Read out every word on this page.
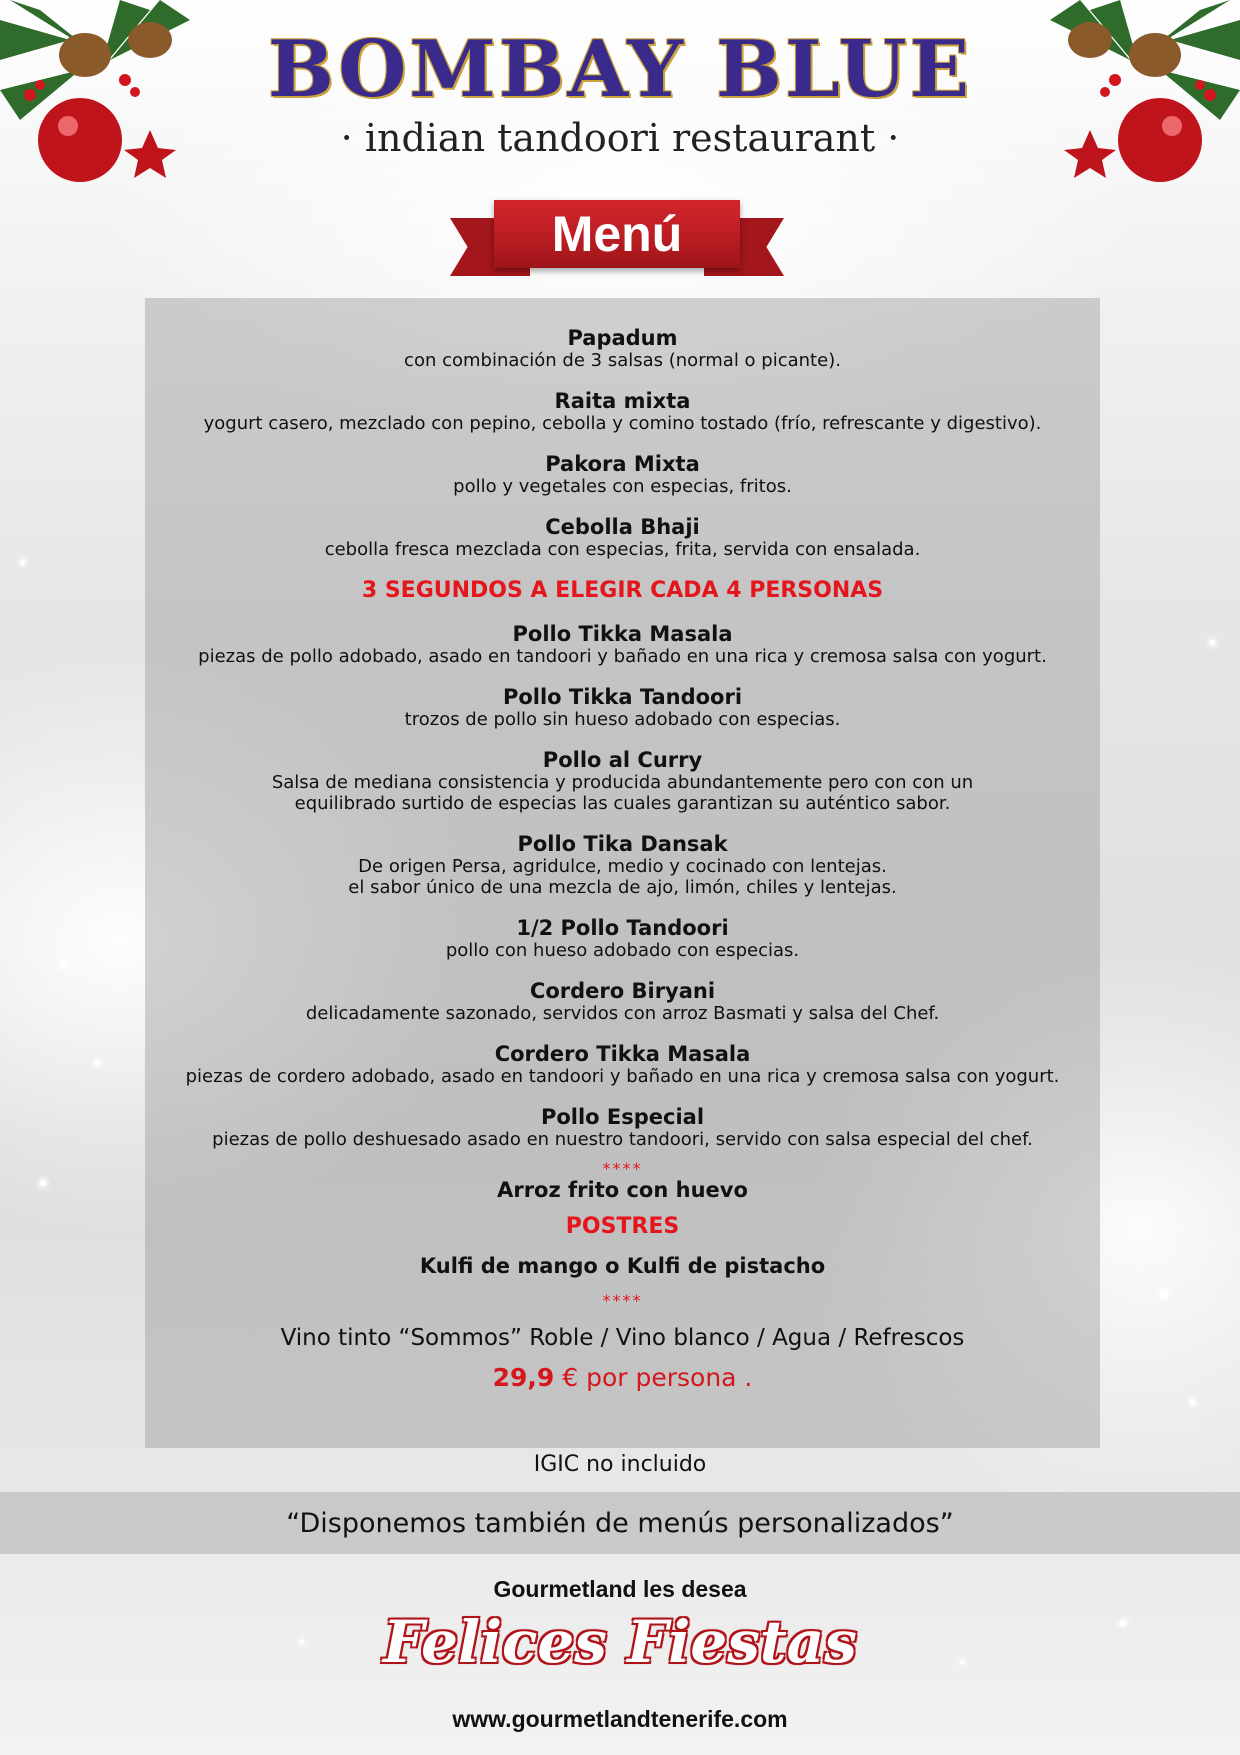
BOMBAY BLUE
· indian tandoori restaurant ·
Menú
Papadum
con combinación de 3 salsas (normal o picante).
Raita mixta
yogurt casero, mezclado con pepino, cebolla y comino tostado (frío, refrescante y digestivo).
Pakora Mixta
pollo y vegetales con especias, fritos.
Cebolla Bhaji
cebolla fresca mezclada con especias, frita, servida con ensalada.
3 SEGUNDOS A ELEGIR CADA 4 PERSONAS
Pollo Tikka Masala
piezas de pollo adobado, asado en tandoori y bañado en una rica y cremosa salsa con yogurt.
Pollo Tikka Tandoori
trozos de pollo sin hueso adobado con especias.
Pollo al Curry
Salsa de mediana consistencia y producida abundantemente pero con con un
equilibrado surtido de especias las cuales garantizan su auténtico sabor.
Pollo Tika Dansak
De origen Persa, agridulce, medio y cocinado con lentejas.
el sabor único de una mezcla de ajo, limón, chiles y lentejas.
1/2 Pollo Tandoori
pollo con hueso adobado con especias.
Cordero Biryani
delicadamente sazonado, servidos con arroz Basmati y salsa del Chef.
Cordero Tikka Masala
piezas de cordero adobado, asado en tandoori y bañado en una rica y cremosa salsa con yogurt.
Pollo Especial
piezas de pollo deshuesado asado en nuestro tandoori, servido con salsa especial del chef.
****
Arroz frito con huevo
POSTRES
Kulfi de mango o Kulfi de pistacho
****
Vino tinto “Sommos” Roble / Vino blanco / Agua / Refrescos
29,9 € por persona .
IGIC no incluido
“Disponemos también de menús personalizados”
Gourmetland les desea
Felices Fiestas
www.gourmetlandtenerife.com
